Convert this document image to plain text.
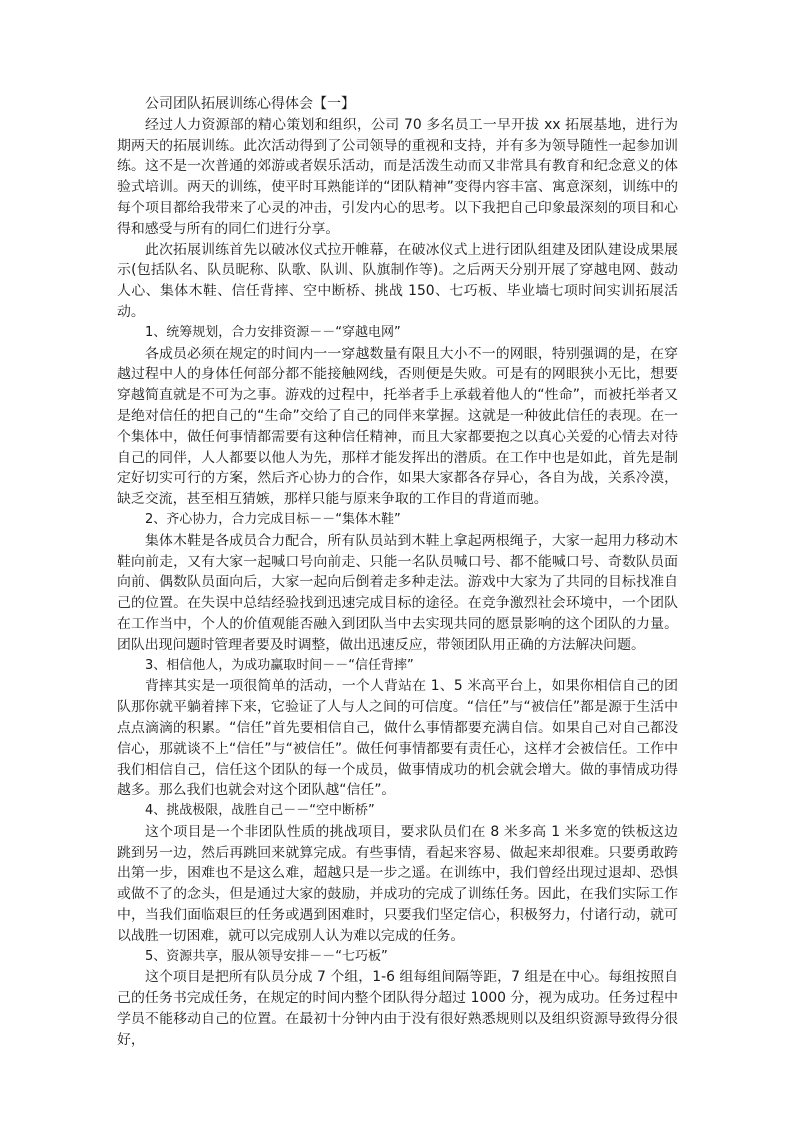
公司团队拓展训练心得体会【一】

经过人力资源部的精心策划和组织，公司 70 多名员工一早开拔 xx 拓展基地，进行为期两天的拓展训练。此次活动得到了公司领导的重视和支持，并有多为领导随性一起参加训练。这不是一次普通的郊游或者娱乐活动，而是活泼生动而又非常具有教育和纪念意义的体验式培训。两天的训练，使平时耳熟能详的“团队精神”变得内容丰富、寓意深刻，训练中的每个项目都给我带来了心灵的冲击，引发内心的思考。以下我把自己印象最深刻的项目和心得和感受与所有的同仁们进行分享。

此次拓展训练首先以破冰仪式拉开帷幕，在破冰仪式上进行团队组建及团队建设成果展示(包括队名、队员昵称、队歌、队训、队旗制作等)。之后两天分别开展了穿越电网、鼓动人心、集体木鞋、信任背摔、空中断桥、挑战 150、七巧板、毕业墙七项时间实训拓展活动。

1、统筹规划，合力安排资源－－“穿越电网”

各成员必须在规定的时间内一一穿越数量有限且大小不一的网眼，特别强调的是，在穿越过程中人的身体任何部分都不能接触网线，否则便是失败。可是有的网眼狭小无比，想要穿越简直就是不可为之事。游戏的过程中，托举者手上承载着他人的“性命”，而被托举者又是绝对信任的把自己的“生命”交给了自己的同伴来掌握。这就是一种彼此信任的表现。在一个集体中，做任何事情都需要有这种信任精神，而且大家都要抱之以真心关爱的心情去对待自己的同伴，人人都要以他人为先，那样才能发挥出的潜质。在工作中也是如此，首先是制定好切实可行的方案，然后齐心协力的合作，如果大家都各存异心，各自为战，关系冷漠，缺乏交流，甚至相互猜嫉，那样只能与原来争取的工作目的背道而驰。

2、齐心协力，合力完成目标－－“集体木鞋”

集体木鞋是各成员合力配合，所有队员站到木鞋上拿起两根绳子，大家一起用力移动木鞋向前走，又有大家一起喊口号向前走、只能一名队员喊口号、都不能喊口号、奇数队员面向前、偶数队员面向后，大家一起向后倒着走多种走法。游戏中大家为了共同的目标找准自己的位置。在失误中总结经验找到迅速完成目标的途径。在竞争激烈社会环境中，一个团队在工作当中，个人的价值观能否融入到团队当中去实现共同的愿景影响的这个团队的力量。团队出现问题时管理者要及时调整，做出迅速反应，带领团队用正确的方法解决问题。

3、相信他人，为成功赢取时间－－“信任背摔”

背摔其实是一项很简单的活动，一个人背站在 1、5 米高平台上，如果你相信自己的团队那你就平躺着摔下来，它验证了人与人之间的可信度。“信任”与“被信任”都是源于生活中点点滴滴的积累。“信任”首先要相信自己，做什么事情都要充满自信。如果自己对自己都没信心，那就谈不上“信任”与“被信任”。做任何事情都要有责任心，这样才会被信任。工作中我们相信自己，信任这个团队的每一个成员，做事情成功的机会就会增大。做的事情成功得越多。那么我们也就会对这个团队越“信任”。

4、挑战极限，战胜自己－－“空中断桥”

这个项目是一个非团队性质的挑战项目，要求队员们在 8 米多高 1 米多宽的铁板这边跳到另一边，然后再跳回来就算完成。有些事情，看起来容易、做起来却很难。只要勇敢跨出第一步，困难也不是这么难，超越只是一步之遥。在训练中，我们曾经出现过退却、恐惧或做不了的念头，但是通过大家的鼓励，并成功的完成了训练任务。因此，在我们实际工作中，当我们面临艰巨的任务或遇到困难时，只要我们坚定信心，积极努力，付诸行动，就可以战胜一切困难，就可以完成别人认为难以完成的任务。

5、资源共享，服从领导安排－－“七巧板”

这个项目是把所有队员分成 7 个组，1-6 组每组间隔等距，7 组是在中心。每组按照自己的任务书完成任务，在规定的时间内整个团队得分超过 1000 分，视为成功。任务过程中学员不能移动自己的位置。在最初十分钟内由于没有很好熟悉规则以及组织资源导致得分很好，
